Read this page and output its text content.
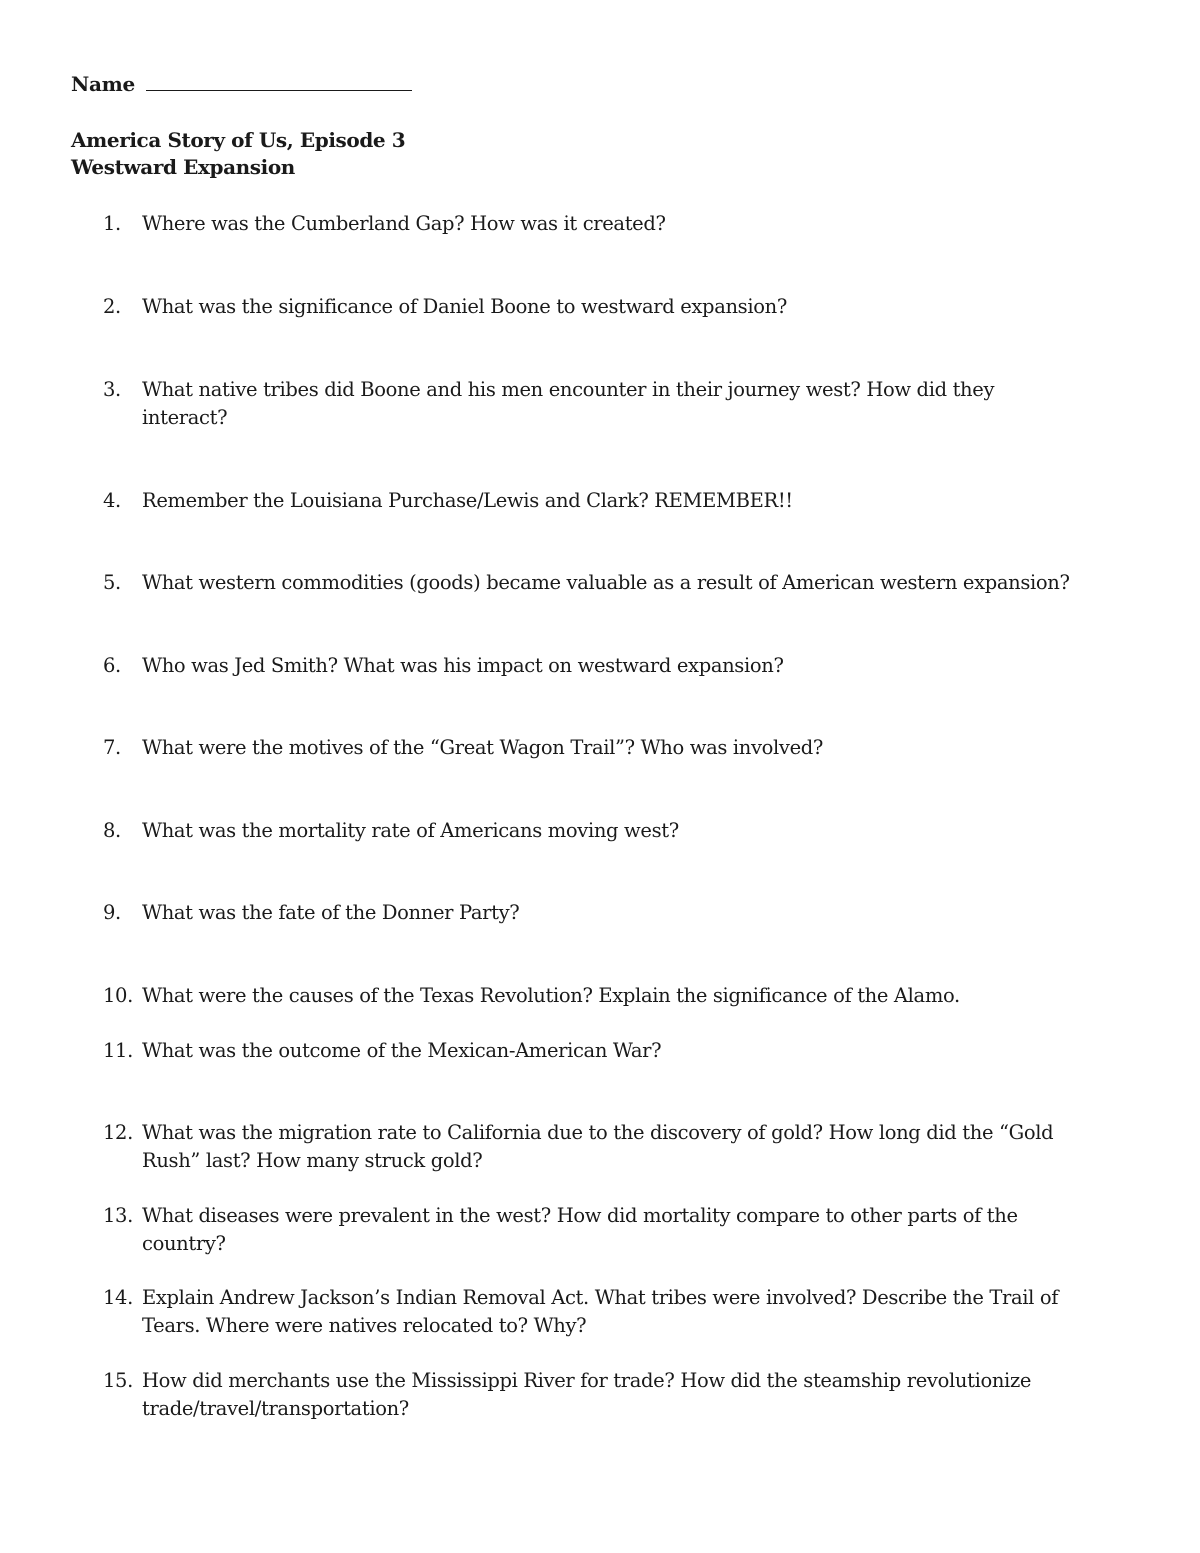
Name
America Story of Us, Episode 3
Westward Expansion
1.	Where was the Cumberland Gap? How was it created?
2.	What was the significance of Daniel Boone to westward expansion?
3.	What native tribes did Boone and his men encounter in their journey west? How did they interact?
4.	Remember the Louisiana Purchase/Lewis and Clark? REMEMBER!!
5.	What western commodities (goods) became valuable as a result of American western expansion?
6.	Who was Jed Smith? What was his impact on westward expansion?
7.	What were the motives of the “Great Wagon Trail”? Who was involved?
8.	What was the mortality rate of Americans moving west?
9.	What was the fate of the Donner Party?
10. What were the causes of the Texas Revolution? Explain the significance of the Alamo.
11. What was the outcome of the Mexican-American War?
12. What was the migration rate to California due to the discovery of gold? How long did the “Gold Rush” last? How many struck gold?
13. What diseases were prevalent in the west? How did mortality compare to other parts of the country?
14. Explain Andrew Jackson’s Indian Removal Act. What tribes were involved? Describe the Trail of Tears. Where were natives relocated to? Why?
15. How did merchants use the Mississippi River for trade? How did the steamship revolutionize trade/travel/transportation?
